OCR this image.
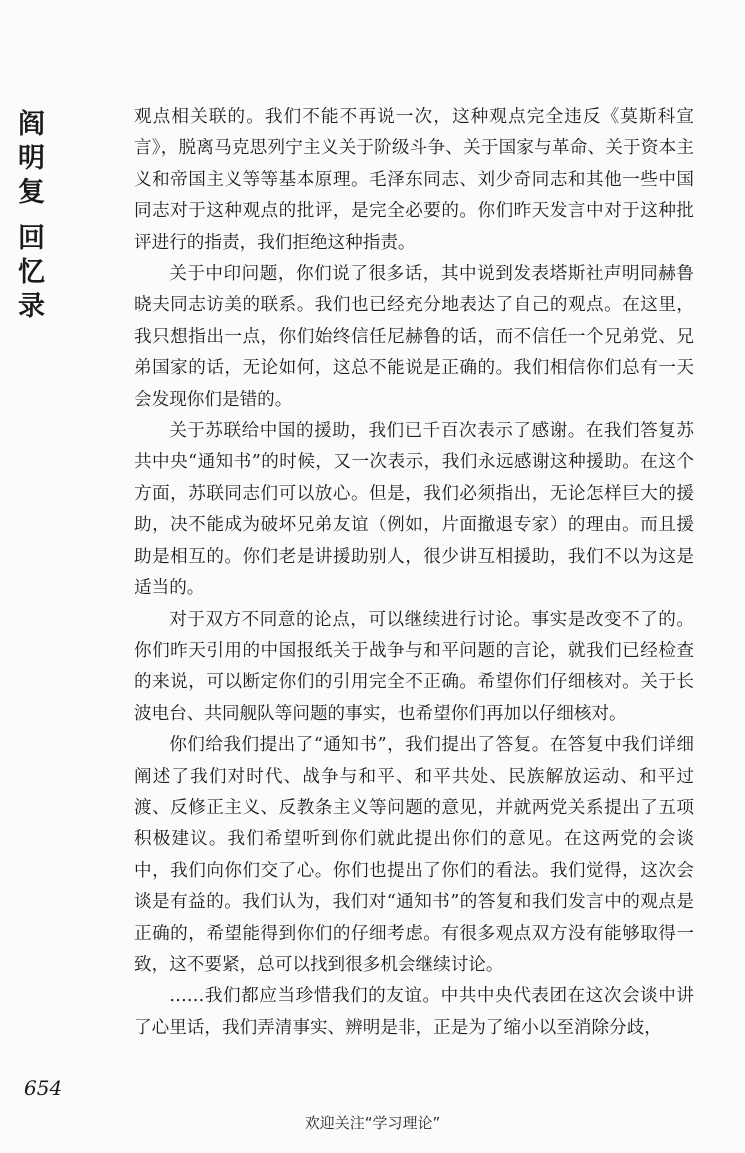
阎明复
回忆录

观点相关联的。我们不能不再说一次，这种观点完全违反《莫斯科宣言》，脱离马克思列宁主义关于阶级斗争、关于国家与革命、关于资本主义和帝国主义等等基本原理。毛泽东同志、刘少奇同志和其他一些中国同志对于这种观点的批评，是完全必要的。你们昨天发言中对于这种批评进行的指责，我们拒绝这种指责。

关于中印问题，你们说了很多话，其中说到发表塔斯社声明同赫鲁晓夫同志访美的联系。我们也已经充分地表达了自己的观点。在这里，我只想指出一点，你们始终信任尼赫鲁的话，而不信任一个兄弟党、兄弟国家的话，无论如何，这总不能说是正确的。我们相信你们总有一天会发现你们是错的。

关于苏联给中国的援助，我们已千百次表示了感谢。在我们答复苏共中央“通知书”的时候，又一次表示，我们永远感谢这种援助。在这个方面，苏联同志们可以放心。但是，我们必须指出，无论怎样巨大的援助，决不能成为破坏兄弟友谊（例如，片面撤退专家）的理由。而且援助是相互的。你们老是讲援助别人，很少讲互相援助，我们不以为这是适当的。

对于双方不同意的论点，可以继续进行讨论。事实是改变不了的。你们昨天引用的中国报纸关于战争与和平问题的言论，就我们已经检查的来说，可以断定你们的引用完全不正确。希望你们仔细核对。关于长波电台、共同舰队等问题的事实，也希望你们再加以仔细核对。

你们给我们提出了“通知书”，我们提出了答复。在答复中我们详细阐述了我们对时代、战争与和平、和平共处、民族解放运动、和平过渡、反修正主义、反教条主义等问题的意见，并就两党关系提出了五项积极建议。我们希望听到你们就此提出你们的意见。在这两党的会谈中，我们向你们交了心。你们也提出了你们的看法。我们觉得，这次会谈是有益的。我们认为，我们对“通知书”的答复和我们发言中的观点是正确的，希望能得到你们的仔细考虑。有很多观点双方没有能够取得一致，这不要紧，总可以找到很多机会继续讨论。

……我们都应当珍惜我们的友谊。中共中央代表团在这次会谈中讲了心里话，我们弄清事实、辨明是非，正是为了缩小以至消除分歧，

654
欢迎关注“学习理论”
